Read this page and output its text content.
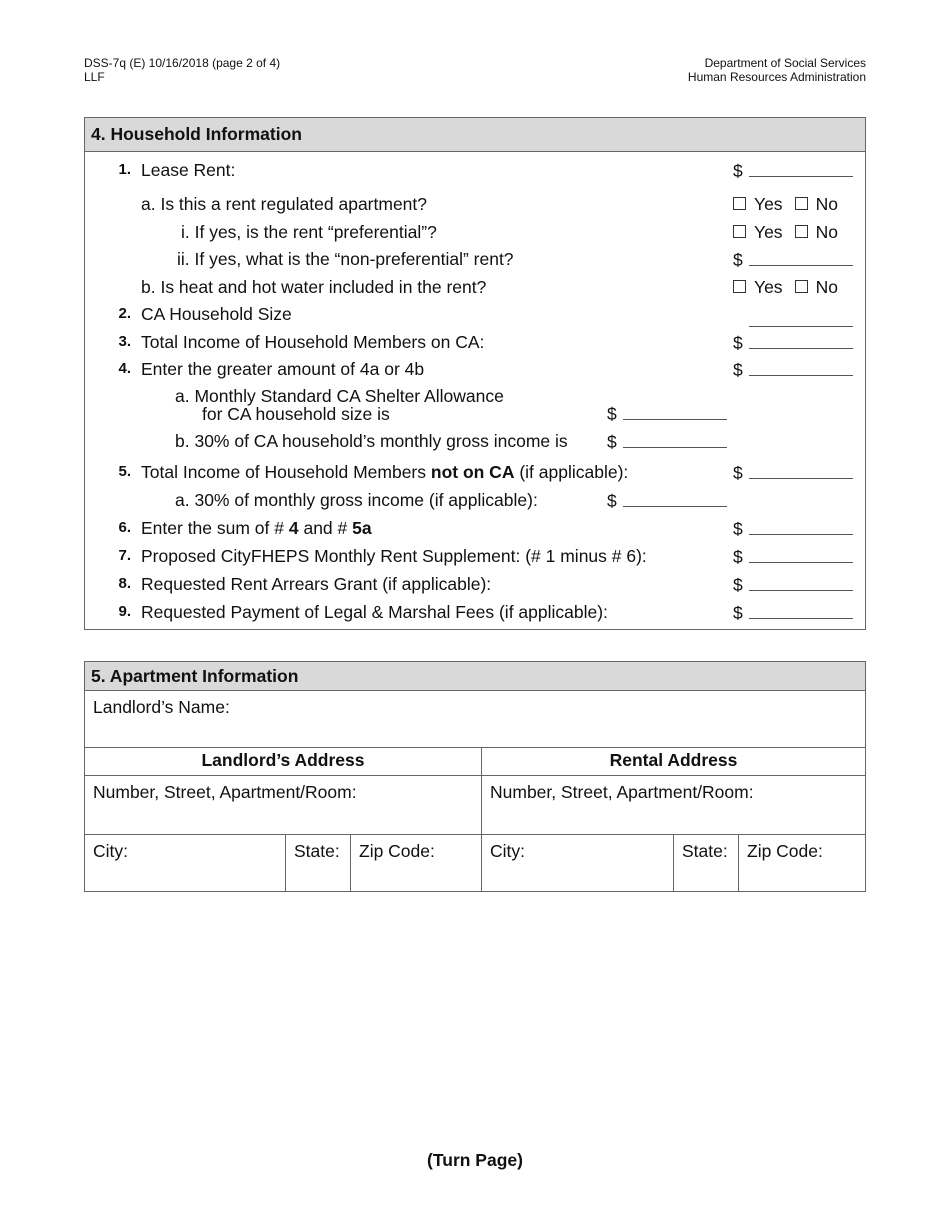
DSS-7q (E) 10/16/2018 (page 2 of 4)
LLF
Department of Social Services
Human Resources Administration
4. Household Information
1. Lease Rent:	$
a. Is this a rent regulated apartment?	Yes No
i. If yes, is the rent “preferential”?	Yes No
ii. If yes, what is the “non-preferential” rent?	$
b. Is heat and hot water included in the rent?	Yes No
2. CA Household Size
3. Total Income of Household Members on CA:	$
4. Enter the greater amount of 4a or 4b	$
a. Monthly Standard CA Shelter Allowance
for CA household size is	$
b. 30% of CA household’s monthly gross income is $
5. Total Income of Household Members not on CA (if applicable):	$
a. 30% of monthly gross income (if applicable):	$
6. Enter the sum of # 4 and # 5a	$
7. Proposed CityFHEPS Monthly Rent Supplement: (# 1 minus # 6):	$
8. Requested Rent Arrears Grant (if applicable):	$
9. Requested Payment of Legal & Marshal Fees (if applicable):	$
5. Apartment Information
Landlord’s Name:
Landlord’s Address	Rental Address
Number, Street, Apartment/Room:	Number, Street, Apartment/Room:
City:	State:	Zip Code:	City:	State:	Zip Code:
(Turn Page)
